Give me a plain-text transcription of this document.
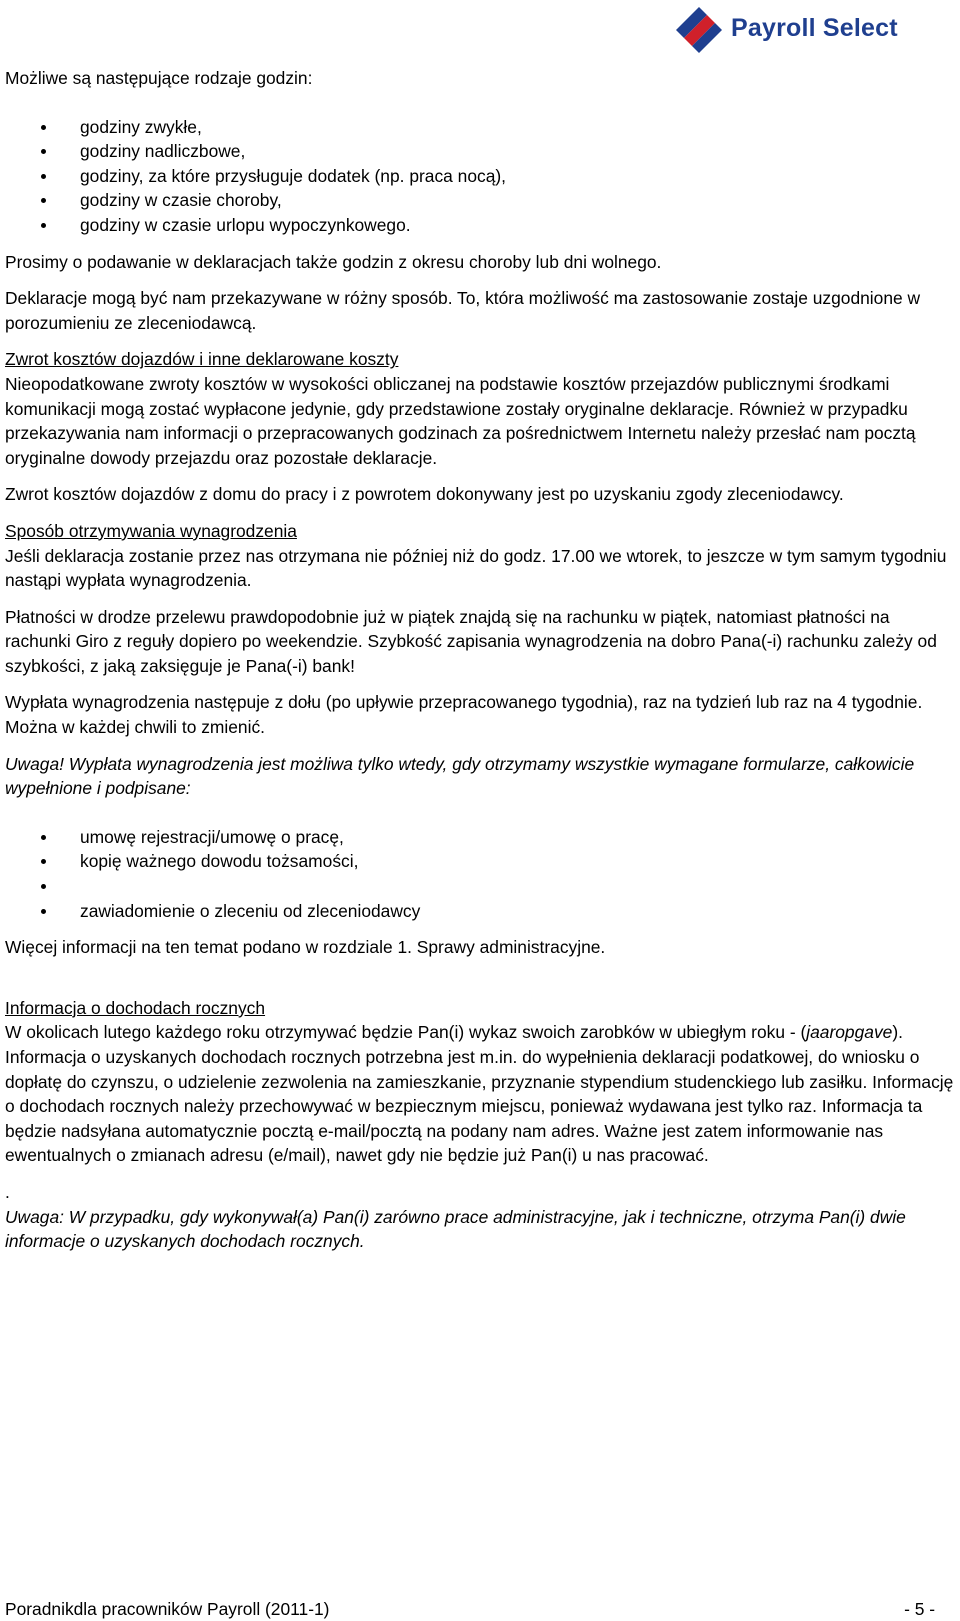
Payroll Select

Możliwe są następujące rodzaje godzin:

godziny zwykłe,
godziny nadliczbowe,
godziny, za które przysługuje dodatek (np. praca nocą),
godziny w czasie choroby,
godziny w czasie urlopu wypoczynkowego.

Prosimy o podawanie w deklaracjach także godzin z okresu choroby lub dni wolnego.

Deklaracje mogą być nam przekazywane w różny sposób. To, która możliwość ma zastosowanie zostaje uzgodnione w porozumieniu ze zleceniodawcą.

Zwrot kosztów dojazdów i inne deklarowane koszty

Nieopodatkowane zwroty kosztów w wysokości obliczanej na podstawie kosztów przejazdów publicznymi środkami komunikacji mogą zostać wypłacone jedynie, gdy przedstawione zostały oryginalne deklaracje. Również w przypadku przekazywania nam informacji o przepracowanych godzinach za pośrednictwem Internetu należy przesłać nam pocztą oryginalne dowody przejazdu oraz pozostałe deklaracje.

Zwrot kosztów dojazdów z domu do pracy i z powrotem dokonywany jest po uzyskaniu zgody zleceniodawcy.

Sposób otrzymywania wynagrodzenia

Jeśli deklaracja zostanie przez nas otrzymana nie później niż do godz. 17.00 we wtorek, to jeszcze w tym samym tygodniu nastąpi wypłata wynagrodzenia.

Płatności w drodze przelewu prawdopodobnie już w piątek znajdą się na rachunku w piątek, natomiast płatności na rachunki Giro z reguły dopiero po weekendzie. Szybkość zapisania wynagrodzenia na dobro Pana(-i) rachunku zależy od szybkości, z jaką zaksięguje je Pana(-i) bank!

Wypłata wynagrodzenia następuje z dołu (po upływie przepracowanego tygodnia), raz na tydzień lub raz na 4 tygodnie. Można w każdej chwili to zmienić.

Uwaga! Wypłata wynagrodzenia jest możliwa tylko wtedy, gdy otrzymamy wszystkie wymagane formularze, całkowicie wypełnione i podpisane:

umowę rejestracji/umowę o pracę,
kopię ważnego dowodu tożsamości,
zawiadomienie o zleceniu od zleceniodawcy

Więcej informacji na ten temat podano w rozdziale 1. Sprawy administracyjne.

Informacja o dochodach rocznych

W okolicach lutego każdego roku otrzymywać będzie Pan(i) wykaz swoich zarobków w ubiegłym roku - (jaaropgave). Informacja o uzyskanych dochodach rocznych potrzebna jest m.in. do wypełnienia deklaracji podatkowej, do wniosku o dopłatę do czynszu, o udzielenie zezwolenia na zamieszkanie, przyznanie stypendium studenckiego lub zasiłku. Informację o dochodach rocznych należy przechowywać w bezpiecznym miejscu, ponieważ wydawana jest tylko raz. Informacja ta będzie nadsyłana automatycznie pocztą e-mail/pocztą na podany nam adres. Ważne jest zatem informowanie nas ewentualnych o zmianach adresu (e/mail), nawet gdy nie będzie już Pan(i) u nas pracować.

.

Uwaga: W przypadku, gdy wykonywał(a) Pan(i) zarówno prace administracyjne, jak i techniczne, otrzyma Pan(i) dwie informacje o uzyskanych dochodach rocznych.

Poradnikdla pracowników Payroll (2011-1)	- 5 -
